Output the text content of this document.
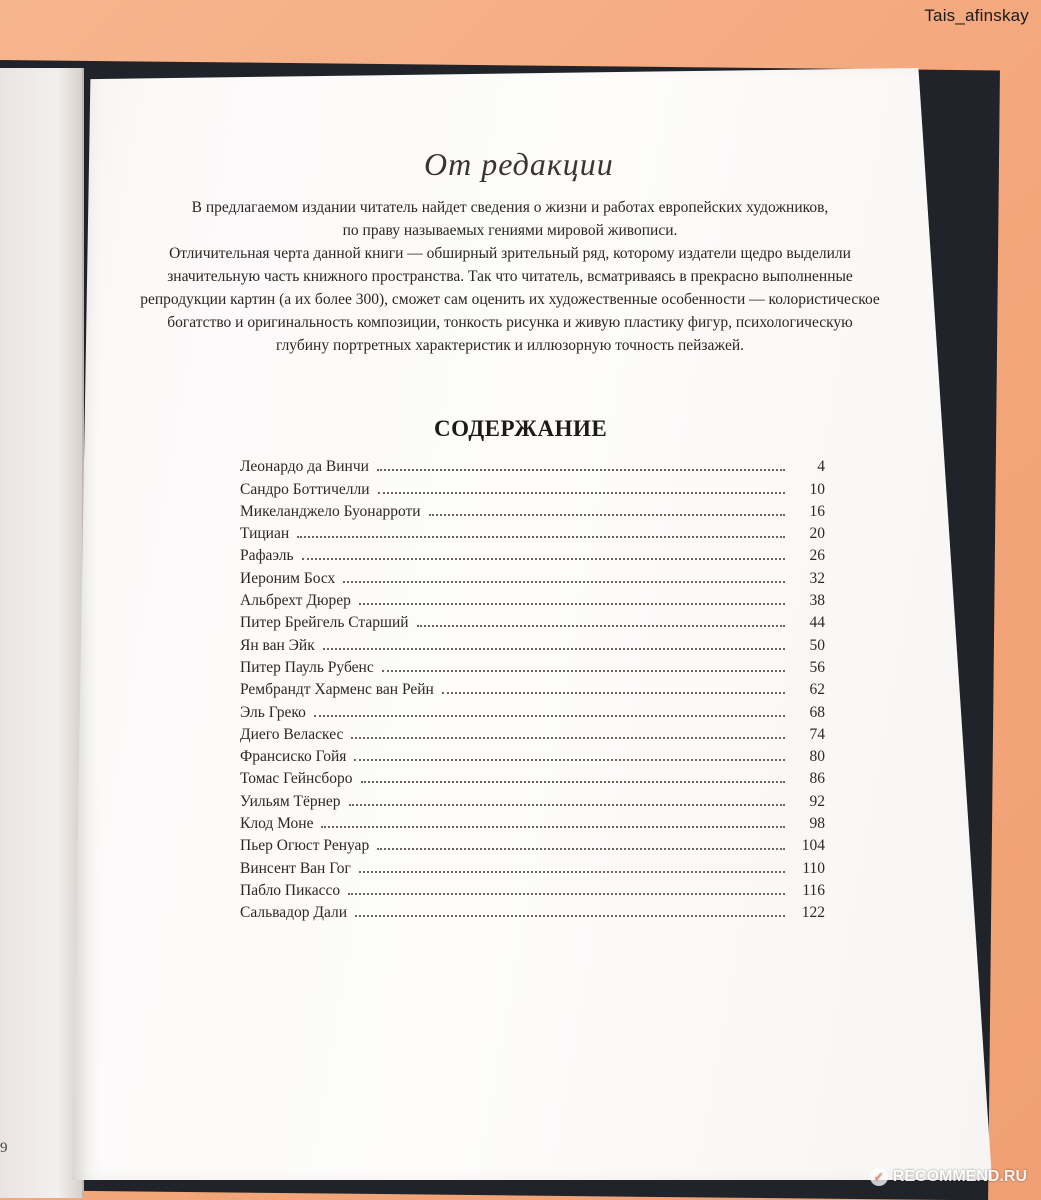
9
Tais_afinskay
От редакции

В предлагаемом издании читатель найдет сведения о жизни и работах европейских художников,

по праву называемых гениями мировой живописи.

Отличительная черта данной книги — обширный зрительный ряд, которому издатели щедро выделили значительную часть книжного пространства. Так что читатель, всматриваясь в прекрасно выполненные репродукции картин (а их более 300), сможет сам оценить их художественные особенности — колористическое богатство и оригинальность композиции, тонкость рисунка и живую пластику фигур, психологическую глубину портретных характеристик и иллюзорную точность пейзажей.

СОДЕРЖАНИЕ
Леонардо да Винчи	4
Сандро Боттичелли	10
Микеланджело Буонарроти	16
Тициан	20
Рафаэль	26
Иероним Босх	32
Альбрехт Дюрер	38
Питер Брейгель Старший	44
Ян ван Эйк	50
Питер Пауль Рубенс	56
Рембрандт Харменс ван Рейн	62
Эль Греко	68
Диего Веласкес	74
Франсиско Гойя	80
Томас Гейнсборо	86
Уильям Тёрнер	92
Клод Моне	98
Пьер Огюст Ренуар	104
Винсент Ван Гог	110
Пабло Пикассо	116
Сальвадор Дали	122
✓ RECOMMEND.RU
